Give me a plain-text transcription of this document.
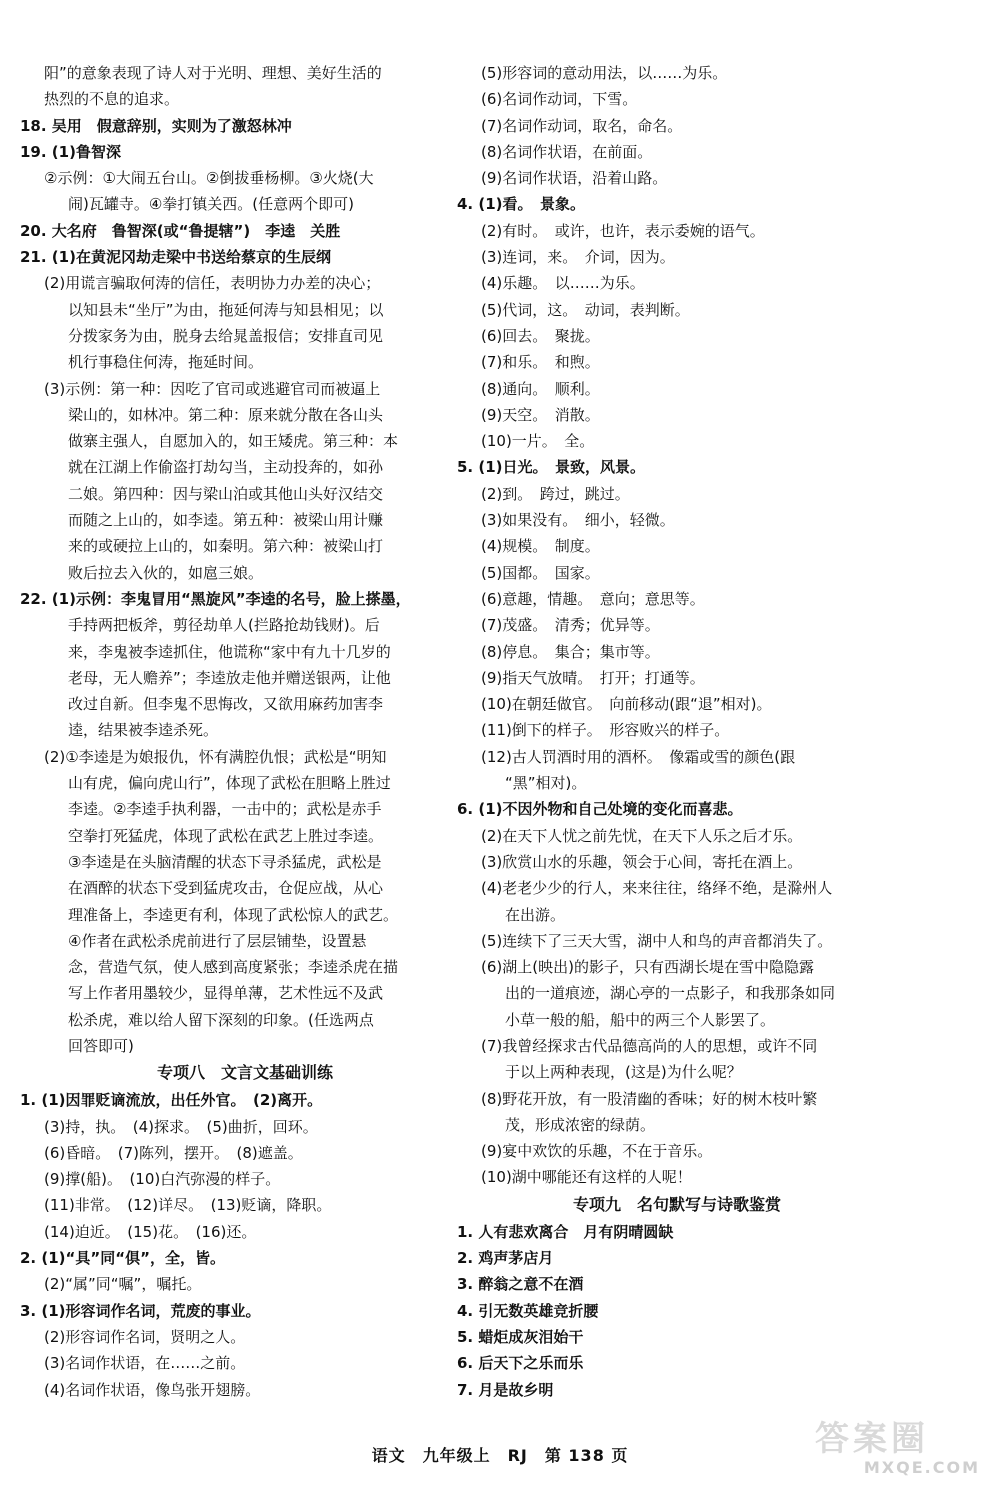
阳”的意象表现了诗人对于光明、理想、美好生活的
热烈的不息的追求。
18. 吴用　假意辞别，实则为了激怒林冲
19. (1)鲁智深
②示例：①大闹五台山。②倒拔垂杨柳。③火烧(大
闹)瓦罐寺。④拳打镇关西。(任意两个即可)
20. 大名府　鲁智深(或“鲁提辖”)　李逵　关胜
21. (1)在黄泥冈劫走梁中书送给蔡京的生辰纲
(2)用谎言骗取何涛的信任，表明协力办差的决心；
以知县未“坐厅”为由，拖延何涛与知县相见；以
分拨家务为由，脱身去给晁盖报信；安排直司见
机行事稳住何涛，拖延时间。
(3)示例：第一种：因吃了官司或逃避官司而被逼上
梁山的，如林冲。第二种：原来就分散在各山头
做寨主强人，自愿加入的，如王矮虎。第三种：本
就在江湖上作偷盗打劫勾当，主动投奔的，如孙
二娘。第四种：因与梁山泊或其他山头好汉结交
而随之上山的，如李逵。第五种：被梁山用计赚
来的或硬拉上山的，如秦明。第六种：被梁山打
败后拉去入伙的，如扈三娘。
22. (1)示例：李鬼冒用“黑旋风”李逵的名号，脸上搽墨，
手持两把板斧，剪径劫单人(拦路抢劫钱财)。后
来，李鬼被李逵抓住，他谎称“家中有九十几岁的
老母，无人赡养”；李逵放走他并赠送银两，让他
改过自新。但李鬼不思悔改，又欲用麻药加害李
逵，结果被李逵杀死。
(2)①李逵是为娘报仇，怀有满腔仇恨；武松是“明知
山有虎，偏向虎山行”，体现了武松在胆略上胜过
李逵。②李逵手执利器，一击中的；武松是赤手
空拳打死猛虎，体现了武松在武艺上胜过李逵。
③李逵是在头脑清醒的状态下寻杀猛虎，武松是
在酒醉的状态下受到猛虎攻击，仓促应战，从心
理准备上，李逵更有利，体现了武松惊人的武艺。
④作者在武松杀虎前进行了层层铺垫，设置悬
念，营造气氛，使人感到高度紧张；李逵杀虎在描
写上作者用墨较少，显得单薄，艺术性远不及武
松杀虎，难以给人留下深刻的印象。(任选两点
回答即可)
专项八　文言文基础训练
1. (1)因罪贬谪流放，出任外官。　(2)离开。
(3)持，执。　(4)探求。　(5)曲折，回环。
(6)昏暗。　(7)陈列，摆开。　(8)遮盖。
(9)撑(船)。　(10)白汽弥漫的样子。
(11)非常。　(12)详尽。　(13)贬谪，降职。
(14)迫近。　(15)花。　(16)还。
2. (1)“具”同“俱”，全，皆。
(2)“属”同“嘱”，嘱托。
3. (1)形容词作名词，荒废的事业。
(2)形容词作名词，贤明之人。
(3)名词作状语，在……之前。
(4)名词作状语，像鸟张开翅膀。
(5)形容词的意动用法，以……为乐。
(6)名词作动词，下雪。
(7)名词作动词，取名，命名。
(8)名词作状语，在前面。
(9)名词作状语，沿着山路。
4. (1)看。　景象。
(2)有时。　或许，也许，表示委婉的语气。
(3)连词，来。　介词，因为。
(4)乐趣。　以……为乐。
(5)代词，这。　动词，表判断。
(6)回去。　聚拢。
(7)和乐。　和煦。
(8)通向。　顺利。
(9)天空。　消散。
(10)一片。　全。
5. (1)日光。　景致，风景。
(2)到。　跨过，跳过。
(3)如果没有。　细小，轻微。
(4)规模。　制度。
(5)国都。　国家。
(6)意趣，情趣。　意向；意思等。
(7)茂盛。　清秀；优异等。
(8)停息。　集合；集市等。
(9)指天气放晴。　打开；打通等。
(10)在朝廷做官。　向前移动(跟“退”相对)。
(11)倒下的样子。　形容败兴的样子。
(12)古人罚酒时用的酒杯。　像霜或雪的颜色(跟
“黑”相对)。
6. (1)不因外物和自己处境的变化而喜悲。
(2)在天下人忧之前先忧，在天下人乐之后才乐。
(3)欣赏山水的乐趣，领会于心间，寄托在酒上。
(4)老老少少的行人，来来往往，络绎不绝，是滁州人
在出游。
(5)连续下了三天大雪，湖中人和鸟的声音都消失了。
(6)湖上(映出)的影子，只有西湖长堤在雪中隐隐露
出的一道痕迹，湖心亭的一点影子，和我那条如同
小草一般的船，船中的两三个人影罢了。
(7)我曾经探求古代品德高尚的人的思想，或许不同
于以上两种表现，(这是)为什么呢？
(8)野花开放，有一股清幽的香味；好的树木枝叶繁
茂，形成浓密的绿荫。
(9)宴中欢饮的乐趣，不在于音乐。
(10)湖中哪能还有这样的人呢！
专项九　名句默写与诗歌鉴赏
1. 人有悲欢离合　月有阴晴圆缺
2. 鸡声茅店月
3. 醉翁之意不在酒
4. 引无数英雄竞折腰
5. 蜡炬成灰泪始干
6. 后天下之乐而乐
7. 月是故乡明
语文　九年级上　RJ　第 138 页	答案圈
MXQE.COM
